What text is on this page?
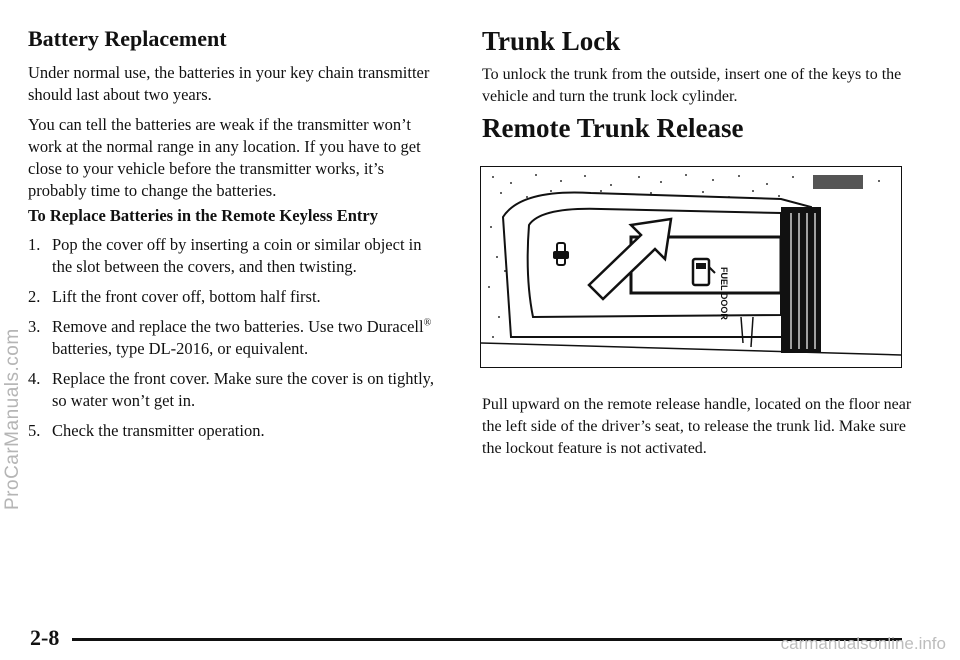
Battery Replacement

Under normal use, the batteries in your key chain transmitter should last about two years.

You can tell the batteries are weak if the transmitter won’t work at the normal range in any location. If you have to get close to your vehicle before the transmitter works, it’s probably time to change the batteries.

To Replace Batteries in the Remote Keyless Entry
1. Pop the cover off by inserting a coin or similar object in the slot between the covers, and then twisting.
2. Lift the front cover off, bottom half first.
3. Remove and replace the two batteries. Use two Duracell® batteries, type DL-2016, or equivalent.
4. Replace the front cover. Make sure the cover is on tightly, so water won’t get in.
5. Check the transmitter operation.
Trunk Lock

To unlock the trunk from the outside, insert one of the keys to the vehicle and turn the trunk lock cylinder.

Remote Trunk Release
FUEL DOOR

Pull upward on the remote release handle, located on the floor near the left side of the driver’s seat, to release the trunk lid. Make sure the lockout feature is not activated.

2-8
ProCarManuals.com
carmanualsonline.info
